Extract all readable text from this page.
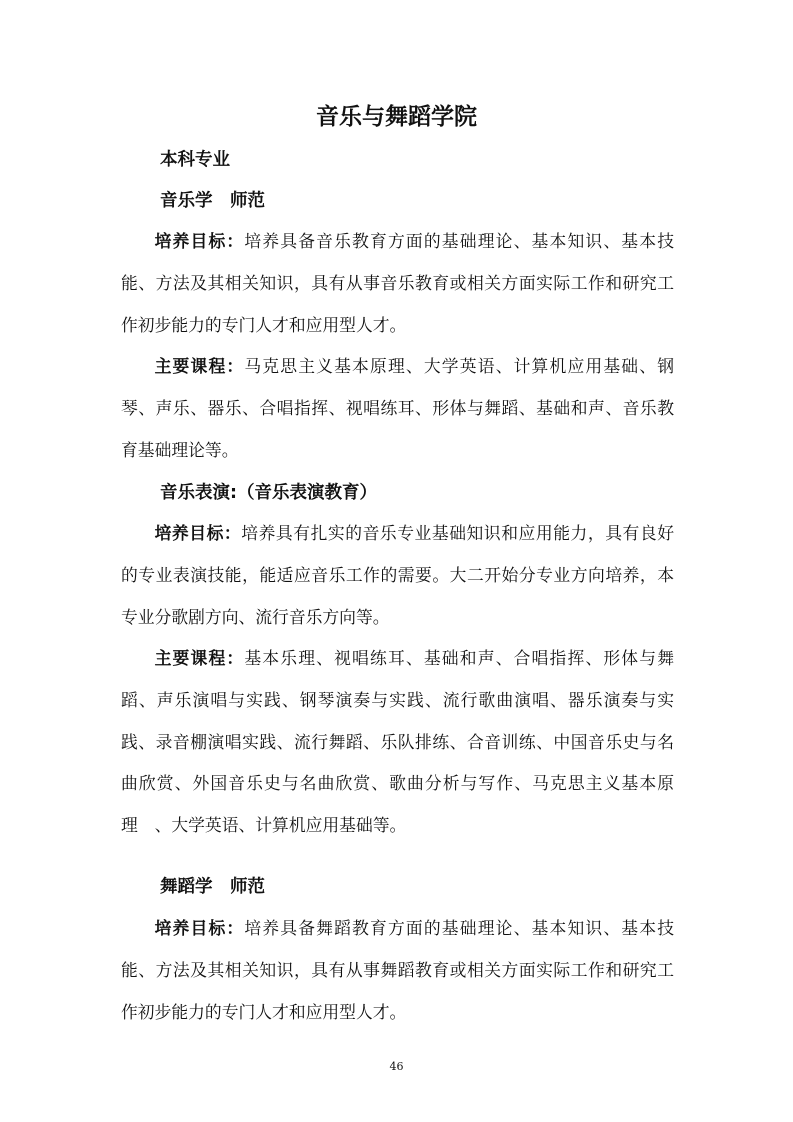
音乐与舞蹈学院
本科专业
音乐学　师范

培养目标：培养具备音乐教育方面的基础理论、基本知识、基本技能、方法及其相关知识，具有从事音乐教育或相关方面实际工作和研究工作初步能力的专门人才和应用型人才。

主要课程：马克思主义基本原理、大学英语、计算机应用基础、钢琴、声乐、器乐、合唱指挥、视唱练耳、形体与舞蹈、基础和声、音乐教育基础理论等。

音乐表演:（音乐表演教育）

培养目标：培养具有扎实的音乐专业基础知识和应用能力，具有良好的专业表演技能，能适应音乐工作的需要。大二开始分专业方向培养，本专业分歌剧方向、流行音乐方向等。

主要课程：基本乐理、视唱练耳、基础和声、合唱指挥、形体与舞蹈、声乐演唱与实践、钢琴演奏与实践、流行歌曲演唱、器乐演奏与实践、录音棚演唱实践、流行舞蹈、乐队排练、合音训练、中国音乐史与名曲欣赏、外国音乐史与名曲欣赏、歌曲分析与写作、马克思主义基本原理　、大学英语、计算机应用基础等。

舞蹈学　师范

培养目标：培养具备舞蹈教育方面的基础理论、基本知识、基本技能、方法及其相关知识，具有从事舞蹈教育或相关方面实际工作和研究工作初步能力的专门人才和应用型人才。

46
